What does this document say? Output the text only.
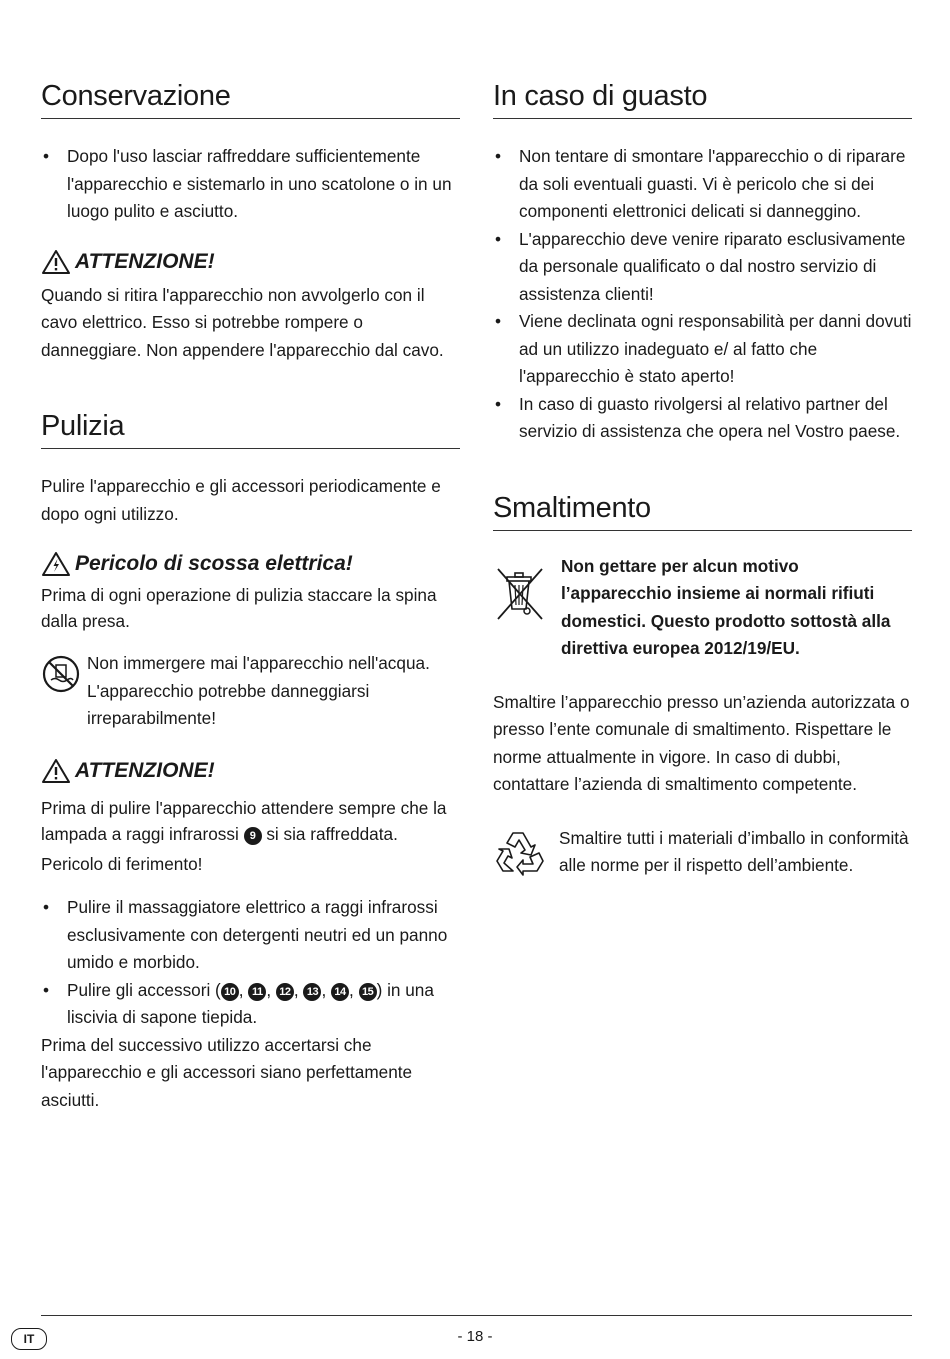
Conservazione
• Dopo l'uso lasciar raffreddare sufficientemente l'apparecchio e sistemarlo in uno scatolone o in un luogo pulito e asciutto.
ATTENZIONE!

Quando si ritira l'apparecchio non avvolgerlo con il cavo elettrico. Esso si potrebbe rompere o danneggiare. Non appendere l'apparecchio dal cavo.

Pulizia

Pulire l'apparecchio e gli accessori periodicamente e dopo ogni utilizzo.

Pericolo di scossa elettrica!

Prima di ogni operazione di pulizia staccare la spina dalla presa.

Non immergere mai l'apparecchio nell'acqua. L'apparecchio potrebbe danneggiarsi irreparabilmente!

ATTENZIONE!

Prima di pulire l'apparecchio attendere sempre che la lampada a raggi infrarossi 9 si sia raffreddata.

Pericolo di ferimento!

• Pulire il massaggiatore elettrico a raggi infrarossi esclusivamente con detergenti neutri ed un panno umido e morbido.
• Pulire gli accessori ( 10 , 11 , 12 , 13 , 14 , 15 ) in una liscivia di sapone tiepida.

Prima del successivo utilizzo accertarsi che l'apparecchio e gli accessori siano perfettamente asciutti.

In caso di guasto
• Non tentare di smontare l'apparecchio o di riparare da soli eventuali guasti. Vi è pericolo che si dei componenti elettronici delicati si danneggino.
• L'apparecchio deve venire riparato esclusivamente da personale qualificato o dal nostro servizio di assistenza clienti!
• Viene declinata ogni responsabilità per danni dovuti ad un utilizzo inadeguato e/ al fatto che l'apparecchio è stato aperto!
• In caso di guasto rivolgersi al relativo partner del servizio di assistenza che opera nel Vostro paese.
Smaltimento

Non gettare per alcun motivo l’apparecchio insieme ai normali rifiuti domestici. Questo prodotto sottostà alla direttiva europea 2012/19/EU.

Smaltire l’apparecchio presso un’azienda autorizzata o presso l’ente comunale di smaltimento. Rispettare le norme attualmente in vigore. In caso di dubbi, contattare l’azienda di smaltimento competente.

Smaltire tutti i materiali d’imballo in conformità alle norme per il rispetto dell’ambiente.

IT	- 18 -
